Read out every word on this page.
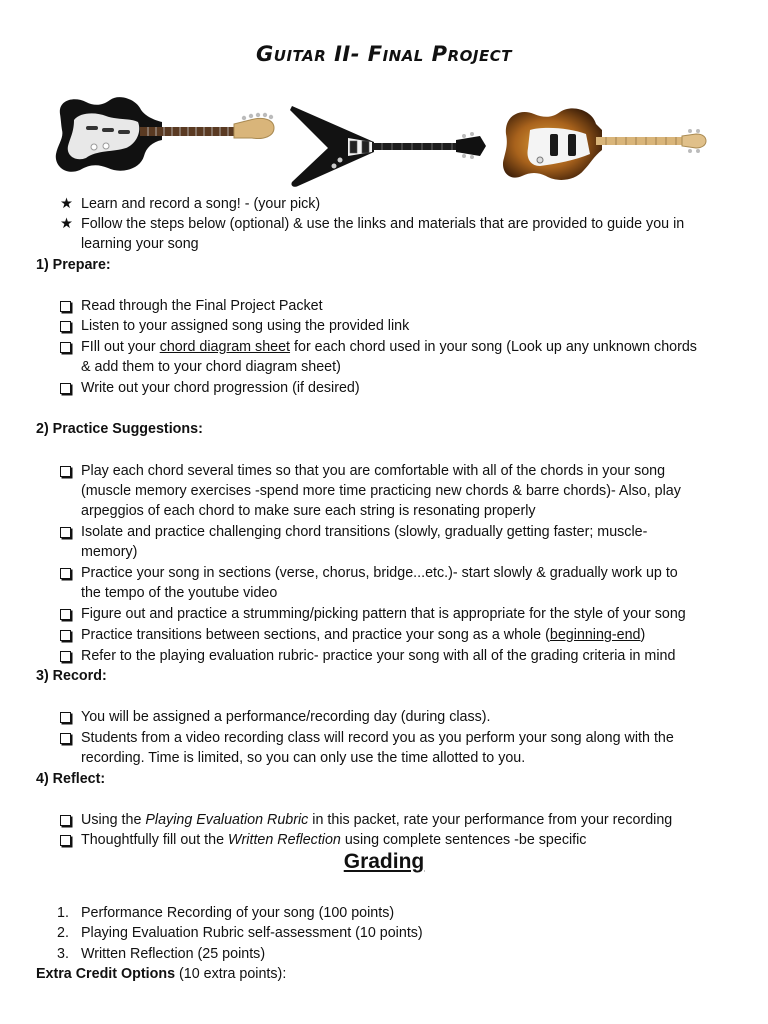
Guitar II- Final Project
★ Learn and record a song! - (your pick)
★ Follow the steps below (optional) & use the links and materials that are provided to guide you in
learning your song
1) Prepare:
Read through the Final Project Packet
Listen to your assigned song using the provided link
FIll out your chord diagram sheet for each chord used in your song (Look up any unknown chords
& add them to your chord diagram sheet)
Write out your chord progression (if desired)
2) Practice Suggestions:
Play each chord several times so that you are comfortable with all of the chords in your song
(muscle memory exercises -spend more time practicing new chords & barre chords)- Also, play
arpeggios of each chord to make sure each string is resonating properly
Isolate and practice challenging chord transitions (slowly, gradually getting faster; muscle-
memory)
Practice your song in sections (verse, chorus, bridge...etc.)- start slowly & gradually work up to
the tempo of the youtube video
Figure out and practice a strumming/picking pattern that is appropriate for the style of your song
Practice transitions between sections, and practice your song as a whole (beginning-end)
Refer to the playing evaluation rubric- practice your song with all of the grading criteria in mind
3) Record:
You will be assigned a performance/recording day (during class).
Students from a video recording class will record you as you perform your song along with the
recording. Time is limited, so you can only use the time allotted to you.
4) Reflect:
Using the Playing Evaluation Rubric in this packet, rate your performance from your recording
Thoughtfully fill out the Written Reflection using complete sentences -be specific
Grading
1. Performance Recording of your song (100 points)
2. Playing Evaluation Rubric self-assessment (10 points)
3. Written Reflection (25 points)
Extra Credit Options (10 extra points):
